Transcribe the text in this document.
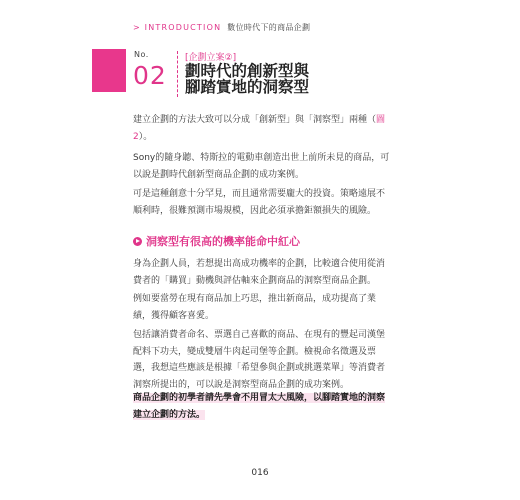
> INTRODUCTION 數位時代下的商品企劃
No.
02
[企劃立案②]
劃時代的創新型與
腳踏實地的洞察型

建立企劃的方法大致可以分成「創新型」與「洞察型」兩種（圖2）。

Sony的隨身聽、特斯拉的電動車創造出世上前所未見的商品，可以說是劃時代創新型商品企劃的成功案例。

可是這種創意十分罕見，而且通常需要龐大的投資。策略遠展不順利時，很難預測市場規模，因此必須承擔鉅額損失的風險。

洞察型有很高的機率能命中紅心

身為企劃人員，若想提出高成功機率的企劃，比較適合使用從消費者的「購買」動機與評估軸來企劃商品的洞察型商品企劃。

例如要當勞在現有商品加上巧思，推出新商品，成功提高了業績，獲得顧客喜愛。

包括讓消費者命名、票選自己喜歡的商品、在現有的豐起司漢堡配料下功夫，變成雙層牛肉起司堡等企劃。檢視命名徵選及票選，我想這些應該是根據「希望參與企劃或挑選菜單」等消費者洞察所提出的，可以說是洞察型商品企劃的成功案例。

商品企劃的初學者請先學會不用冒太大風險，以腳踏實地的洞察建立企劃的方法。

016
